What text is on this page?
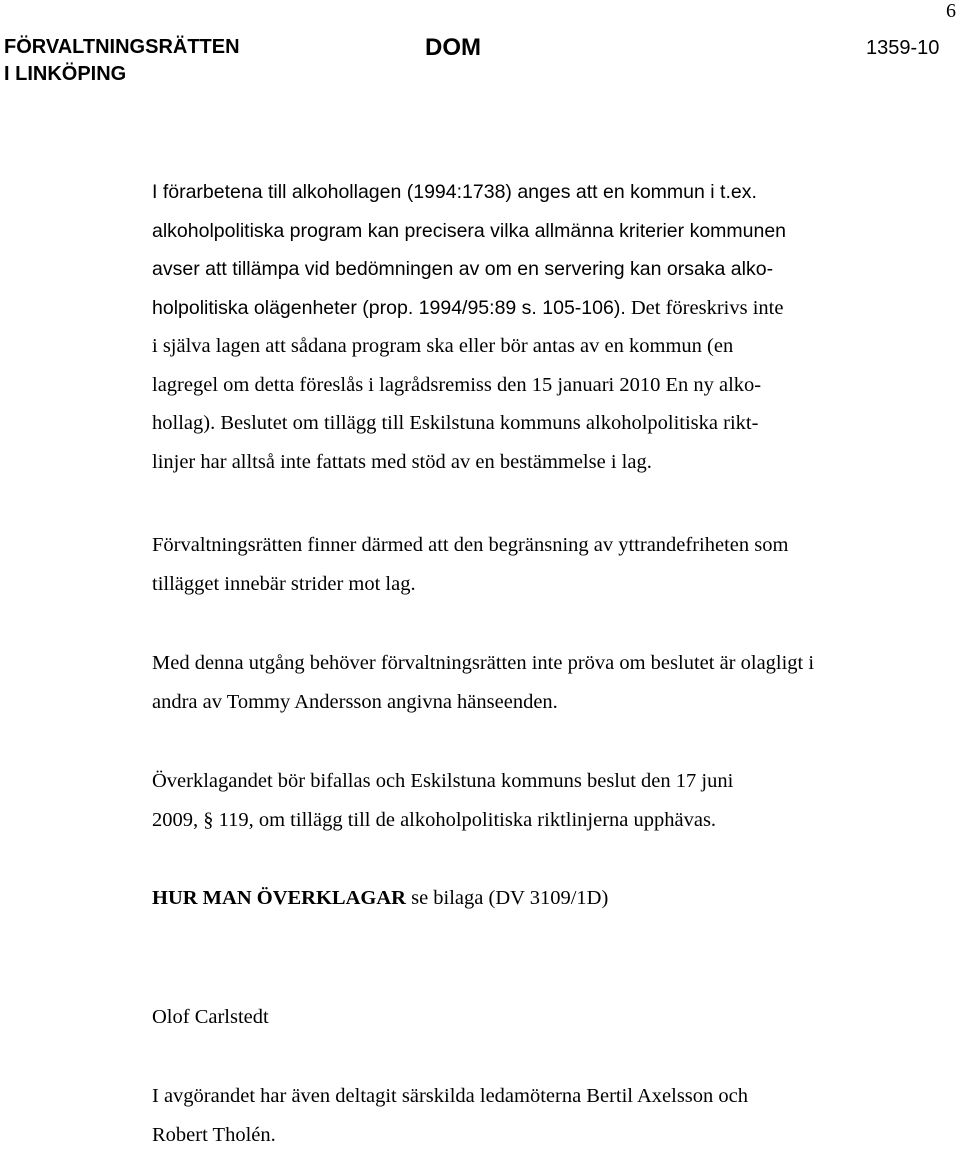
6
FÖRVALTNINGSRÄTTEN
I LINKÖPING
DOM	1359-10

I förarbetena till alkohollagen (1994:1738) anges att en kommun i t.ex.

alkoholpolitiska program kan precisera vilka allmänna kriterier kommunen

avser att tillämpa vid bedömningen av om en servering kan orsaka alko-

holpolitiska olägenheter (prop. 1994/95:89 s. 105-106). Det föreskrivs inte

i själva lagen att sådana program ska eller bör antas av en kommun (en

lagregel om detta föreslås i lagrådsremiss den 15 januari 2010 En ny alko-

hollag). Beslutet om tillägg till Eskilstuna kommuns alkoholpolitiska rikt-

linjer har alltså inte fattats med stöd av en bestämmelse i lag.

Förvaltningsrätten finner därmed att den begränsning av yttrandefriheten som tillägget innebär strider mot lag.

Med denna utgång behöver förvaltningsrätten inte pröva om beslutet är olagligt i andra av Tommy Andersson angivna hänseenden.

Överklagandet bör bifallas och Eskilstuna kommuns beslut den 17 juni

2009, § 119, om tillägg till de alkoholpolitiska riktlinjerna upphävas.

HUR MAN ÖVERKLAGAR se bilaga (DV 3109/1D)

Olof Carlstedt

I avgörandet har även deltagit särskilda ledamöterna Bertil Axelsson och

Robert Tholén.
